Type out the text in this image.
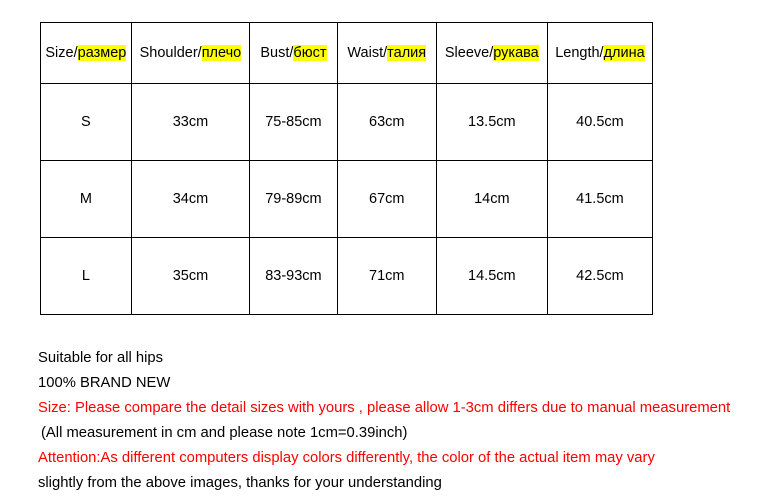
Size/размер	Shoulder/плечо	Bust/бюст	Waist/талия	Sleeve/рукава	Length/длина
S	33cm	75-85cm	63cm	13.5cm	40.5cm
M	34cm	79-89cm	67cm	14cm	41.5cm
L	35cm	83-93cm	71cm	14.5cm	42.5cm
Suitable for all hips
100% BRAND NEW
Size: Please compare the detail sizes with yours , please allow 1-3cm differs due to manual measurement
(All measurement in cm and please note 1cm=0.39inch)
Attention:As different computers display colors differently, the color of the actual item may vary
slightly from the above images, thanks for your understanding
